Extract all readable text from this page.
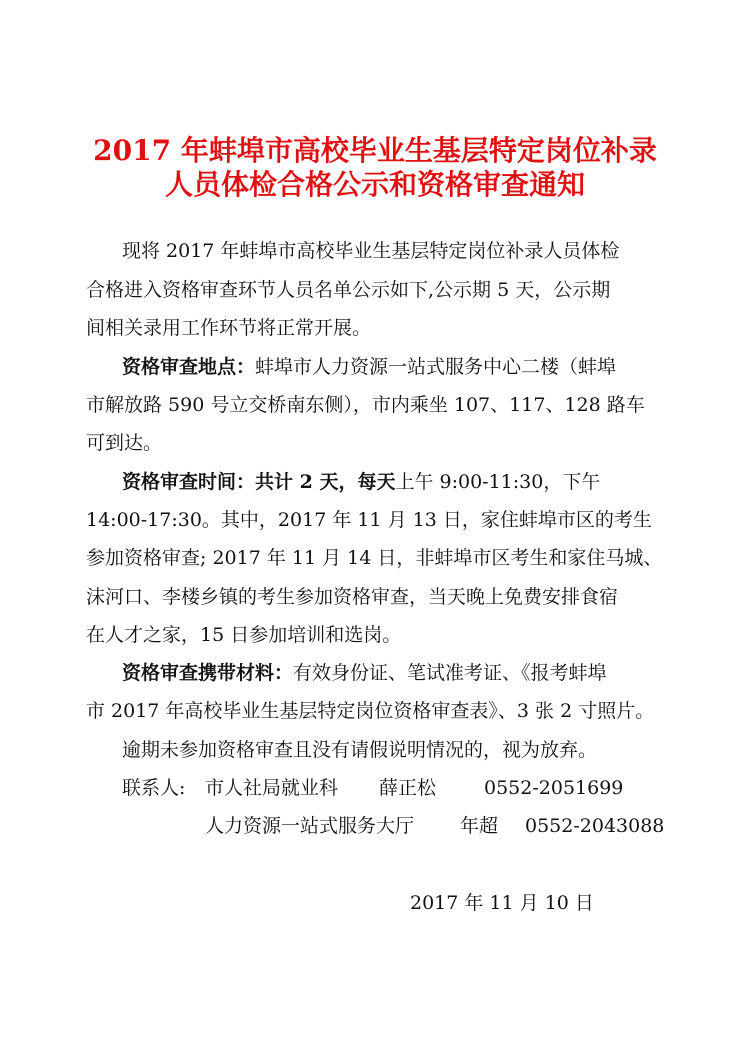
2017 年蚌埠市高校毕业生基层特定岗位补录
人员体检合格公示和资格审查通知
现将 2017 年蚌埠市高校毕业生基层特定岗位补录人员体检
合格进入资格审查环节人员名单公示如下,公示期 5 天，公示期
间相关录用工作环节将正常开展。
资格审查地点：蚌埠市人力资源一站式服务中心二楼（蚌埠
市解放路 590 号立交桥南东侧），市内乘坐 107、117、128 路车
可到达。
资格审查时间：共计 2 天，每天上午 9:00-11:30，下午
14:00-17:30。其中，2017 年 11 月 13 日，家住蚌埠市区的考生
参加资格审查; 2017 年 11 月 14 日，非蚌埠市区考生和家住马城、
沫河口、李楼乡镇的考生参加资格审查，当天晚上免费安排食宿
在人才之家，15 日参加培训和选岗。
资格审查携带材料：有效身份证、笔试准考证、《报考蚌埠
市 2017 年高校毕业生基层特定岗位资格审查表》、3 张 2 寸照片。
逾期未参加资格审查且没有请假说明情况的，视为放弃。
联系人: 市人社局就业科 薛正松	0552-2051699
人力资源一站式服务大厅 年超 0552-2043088
2017 年 11 月 10 日
